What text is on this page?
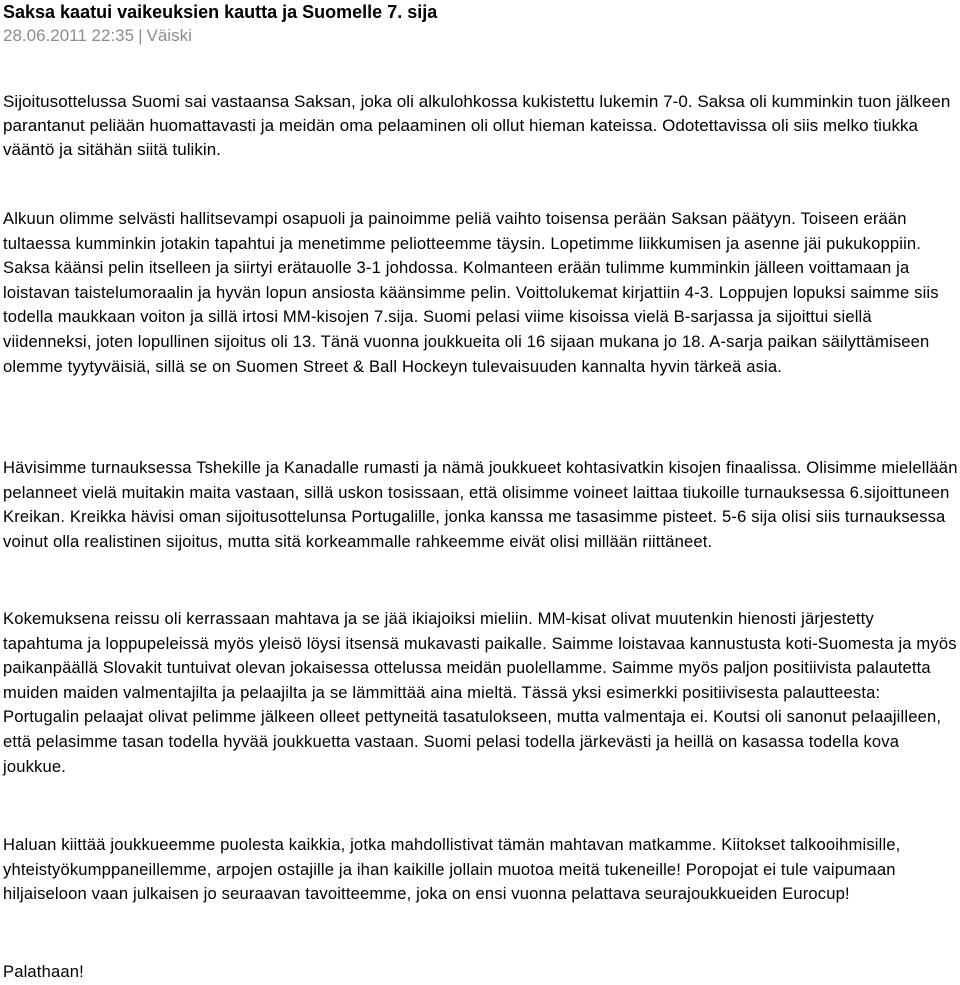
Saksa kaatui vaikeuksien kautta ja Suomelle 7. sija
28.06.2011 22:35 | Väiski

Sijoitusottelussa Suomi sai vastaansa Saksan, joka oli alkulohkossa kukistettu lukemin 7-0. Saksa oli kumminkin tuon jälkeen parantanut peliään huomattavasti ja meidän oma pelaaminen oli ollut hieman kateissa. Odotettavissa oli siis melko tiukka vääntö ja sitähän siitä tulikin.

Alkuun olimme selvästi hallitsevampi osapuoli ja painoimme peliä vaihto toisensa perään Saksan päätyyn. Toiseen erään tultaessa kumminkin jotakin tapahtui ja menetimme peliotteemme täysin. Lopetimme liikkumisen ja asenne jäi pukukoppiin. Saksa käänsi pelin itselleen ja siirtyi erätauolle 3-1 johdossa. Kolmanteen erään tulimme kumminkin jälleen voittamaan ja loistavan taistelumoraalin ja hyvän lopun ansiosta käänsimme pelin. Voittolukemat kirjattiin 4-3. Loppujen lopuksi saimme siis todella maukkaan voiton ja sillä irtosi MM-kisojen 7.sija. Suomi pelasi viime kisoissa vielä B-sarjassa ja sijoittui siellä viidenneksi, joten lopullinen sijoitus oli 13. Tänä vuonna joukkueita oli 16 sijaan mukana jo 18. A-sarja paikan säilyttämiseen olemme tyytyväisiä, sillä se on Suomen Street & Ball Hockeyn tulevaisuuden kannalta hyvin tärkeä asia.

Hävisimme turnauksessa Tshekille ja Kanadalle rumasti ja nämä joukkueet kohtasivatkin kisojen finaalissa. Olisimme mielellään pelanneet vielä muitakin maita vastaan, sillä uskon tosissaan, että olisimme voineet laittaa tiukoille turnauksessa 6.sijoittuneen Kreikan. Kreikka hävisi oman sijoitusottelunsa Portugalille, jonka kanssa me tasasimme pisteet. 5-6 sija olisi siis turnauksessa voinut olla realistinen sijoitus, mutta sitä korkeammalle rahkeemme eivät olisi millään riittäneet.

Kokemuksena reissu oli kerrassaan mahtava ja se jää ikiajoiksi mieliin. MM-kisat olivat muutenkin hienosti järjestetty tapahtuma ja loppupeleissä myös yleisö löysi itsensä mukavasti paikalle. Saimme loistavaa kannustusta koti-Suomesta ja myös paikanpäällä Slovakit tuntuivat olevan jokaisessa ottelussa meidän puolellamme. Saimme myös paljon positiivista palautetta muiden maiden valmentajilta ja pelaajilta ja se lämmittää aina mieltä. Tässä yksi esimerkki positiivisesta palautteesta: Portugalin pelaajat olivat pelimme jälkeen olleet pettyneitä tasatulokseen, mutta valmentaja ei. Koutsi oli sanonut pelaajilleen, että pelasimme tasan todella hyvää joukkuetta vastaan. Suomi pelasi todella järkevästi ja heillä on kasassa todella kova joukkue.

Haluan kiittää joukkueemme puolesta kaikkia, jotka mahdollistivat tämän mahtavan matkamme. Kiitokset talkooihmisille, yhteistyökumppaneillemme, arpojen ostajille ja ihan kaikille jollain muotoa meitä tukeneille! Poropojat ei tule vaipumaan hiljaiseloon vaan julkaisen jo seuraavan tavoitteemme, joka on ensi vuonna pelattava seurajoukkueiden Eurocup!

Palathaan!
